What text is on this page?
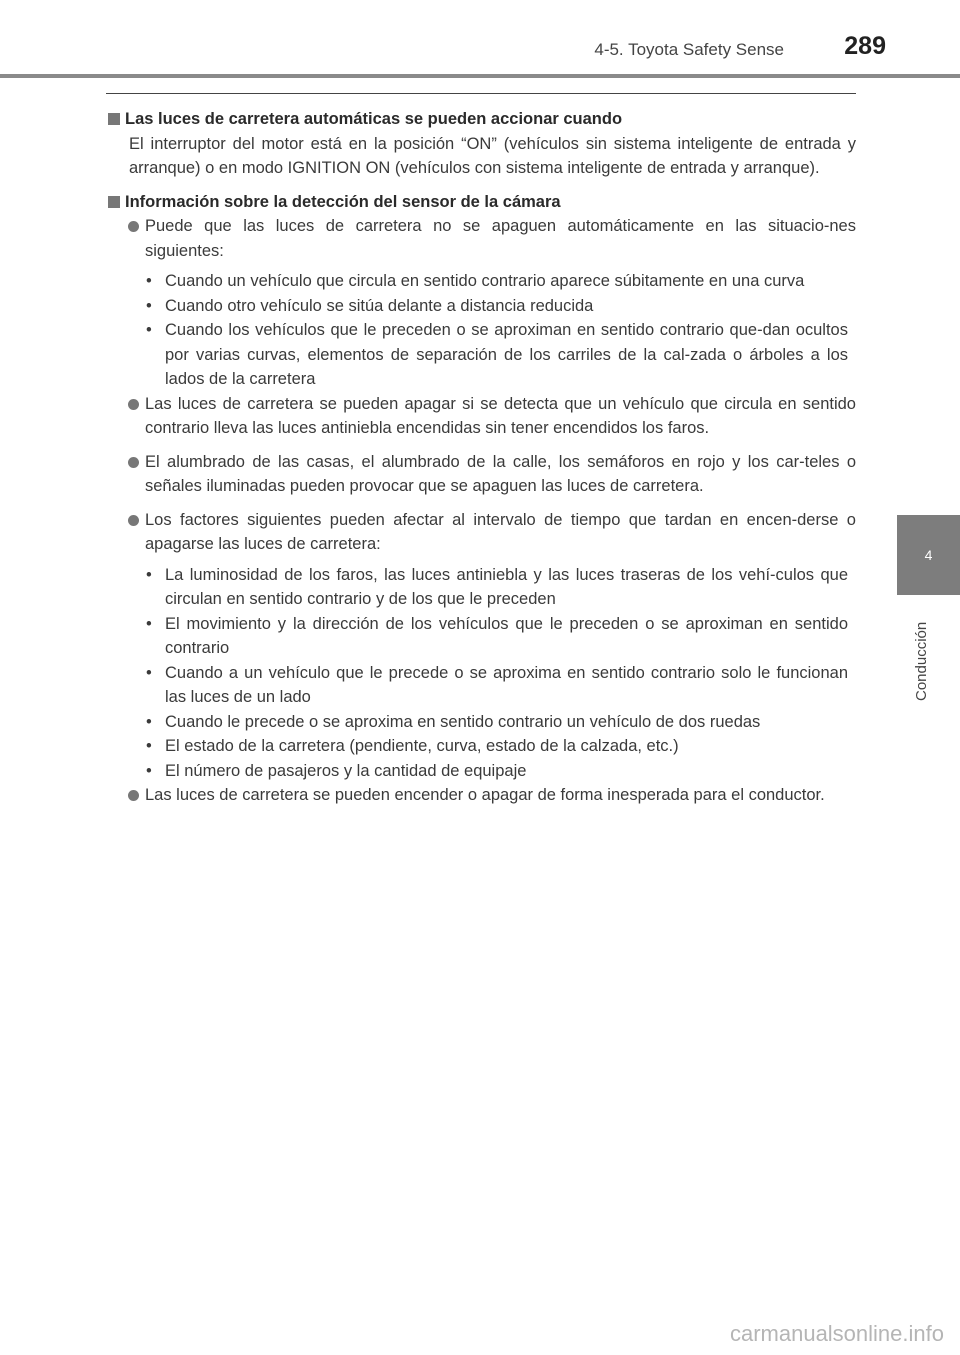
4-5. Toyota Safety Sense 289
4
Conducción
Las luces de carretera automáticas se pueden accionar cuando
El interruptor del motor está en la posición “ON” (vehículos sin sistema inteligente de entrada y arranque) o en modo IGNITION ON (vehículos con sistema inteligente de entrada y arranque).
Información sobre la detección del sensor de la cámara
Puede que las luces de carretera no se apaguen automáticamente en las situacio-nes siguientes:
• Cuando un vehículo que circula en sentido contrario aparece súbitamente en una curva
• Cuando otro vehículo se sitúa delante a distancia reducida
• Cuando los vehículos que le preceden o se aproximan en sentido contrario que-dan ocultos por varias curvas, elementos de separación de los carriles de la cal-zada o árboles a los lados de la carretera
Las luces de carretera se pueden apagar si se detecta que un vehículo que circula en sentido contrario lleva las luces antiniebla encendidas sin tener encendidos los faros.
El alumbrado de las casas, el alumbrado de la calle, los semáforos en rojo y los car-teles o señales iluminadas pueden provocar que se apaguen las luces de carretera.
Los factores siguientes pueden afectar al intervalo de tiempo que tardan en encen-derse o apagarse las luces de carretera:
• La luminosidad de los faros, las luces antiniebla y las luces traseras de los vehí-culos que circulan en sentido contrario y de los que le preceden
• El movimiento y la dirección de los vehículos que le preceden o se aproximan en sentido contrario
• Cuando a un vehículo que le precede o se aproxima en sentido contrario solo le funcionan las luces de un lado
• Cuando le precede o se aproxima en sentido contrario un vehículo de dos ruedas
• El estado de la carretera (pendiente, curva, estado de la calzada, etc.)
• El número de pasajeros y la cantidad de equipaje
Las luces de carretera se pueden encender o apagar de forma inesperada para el conductor.
carmanualsonline.info
